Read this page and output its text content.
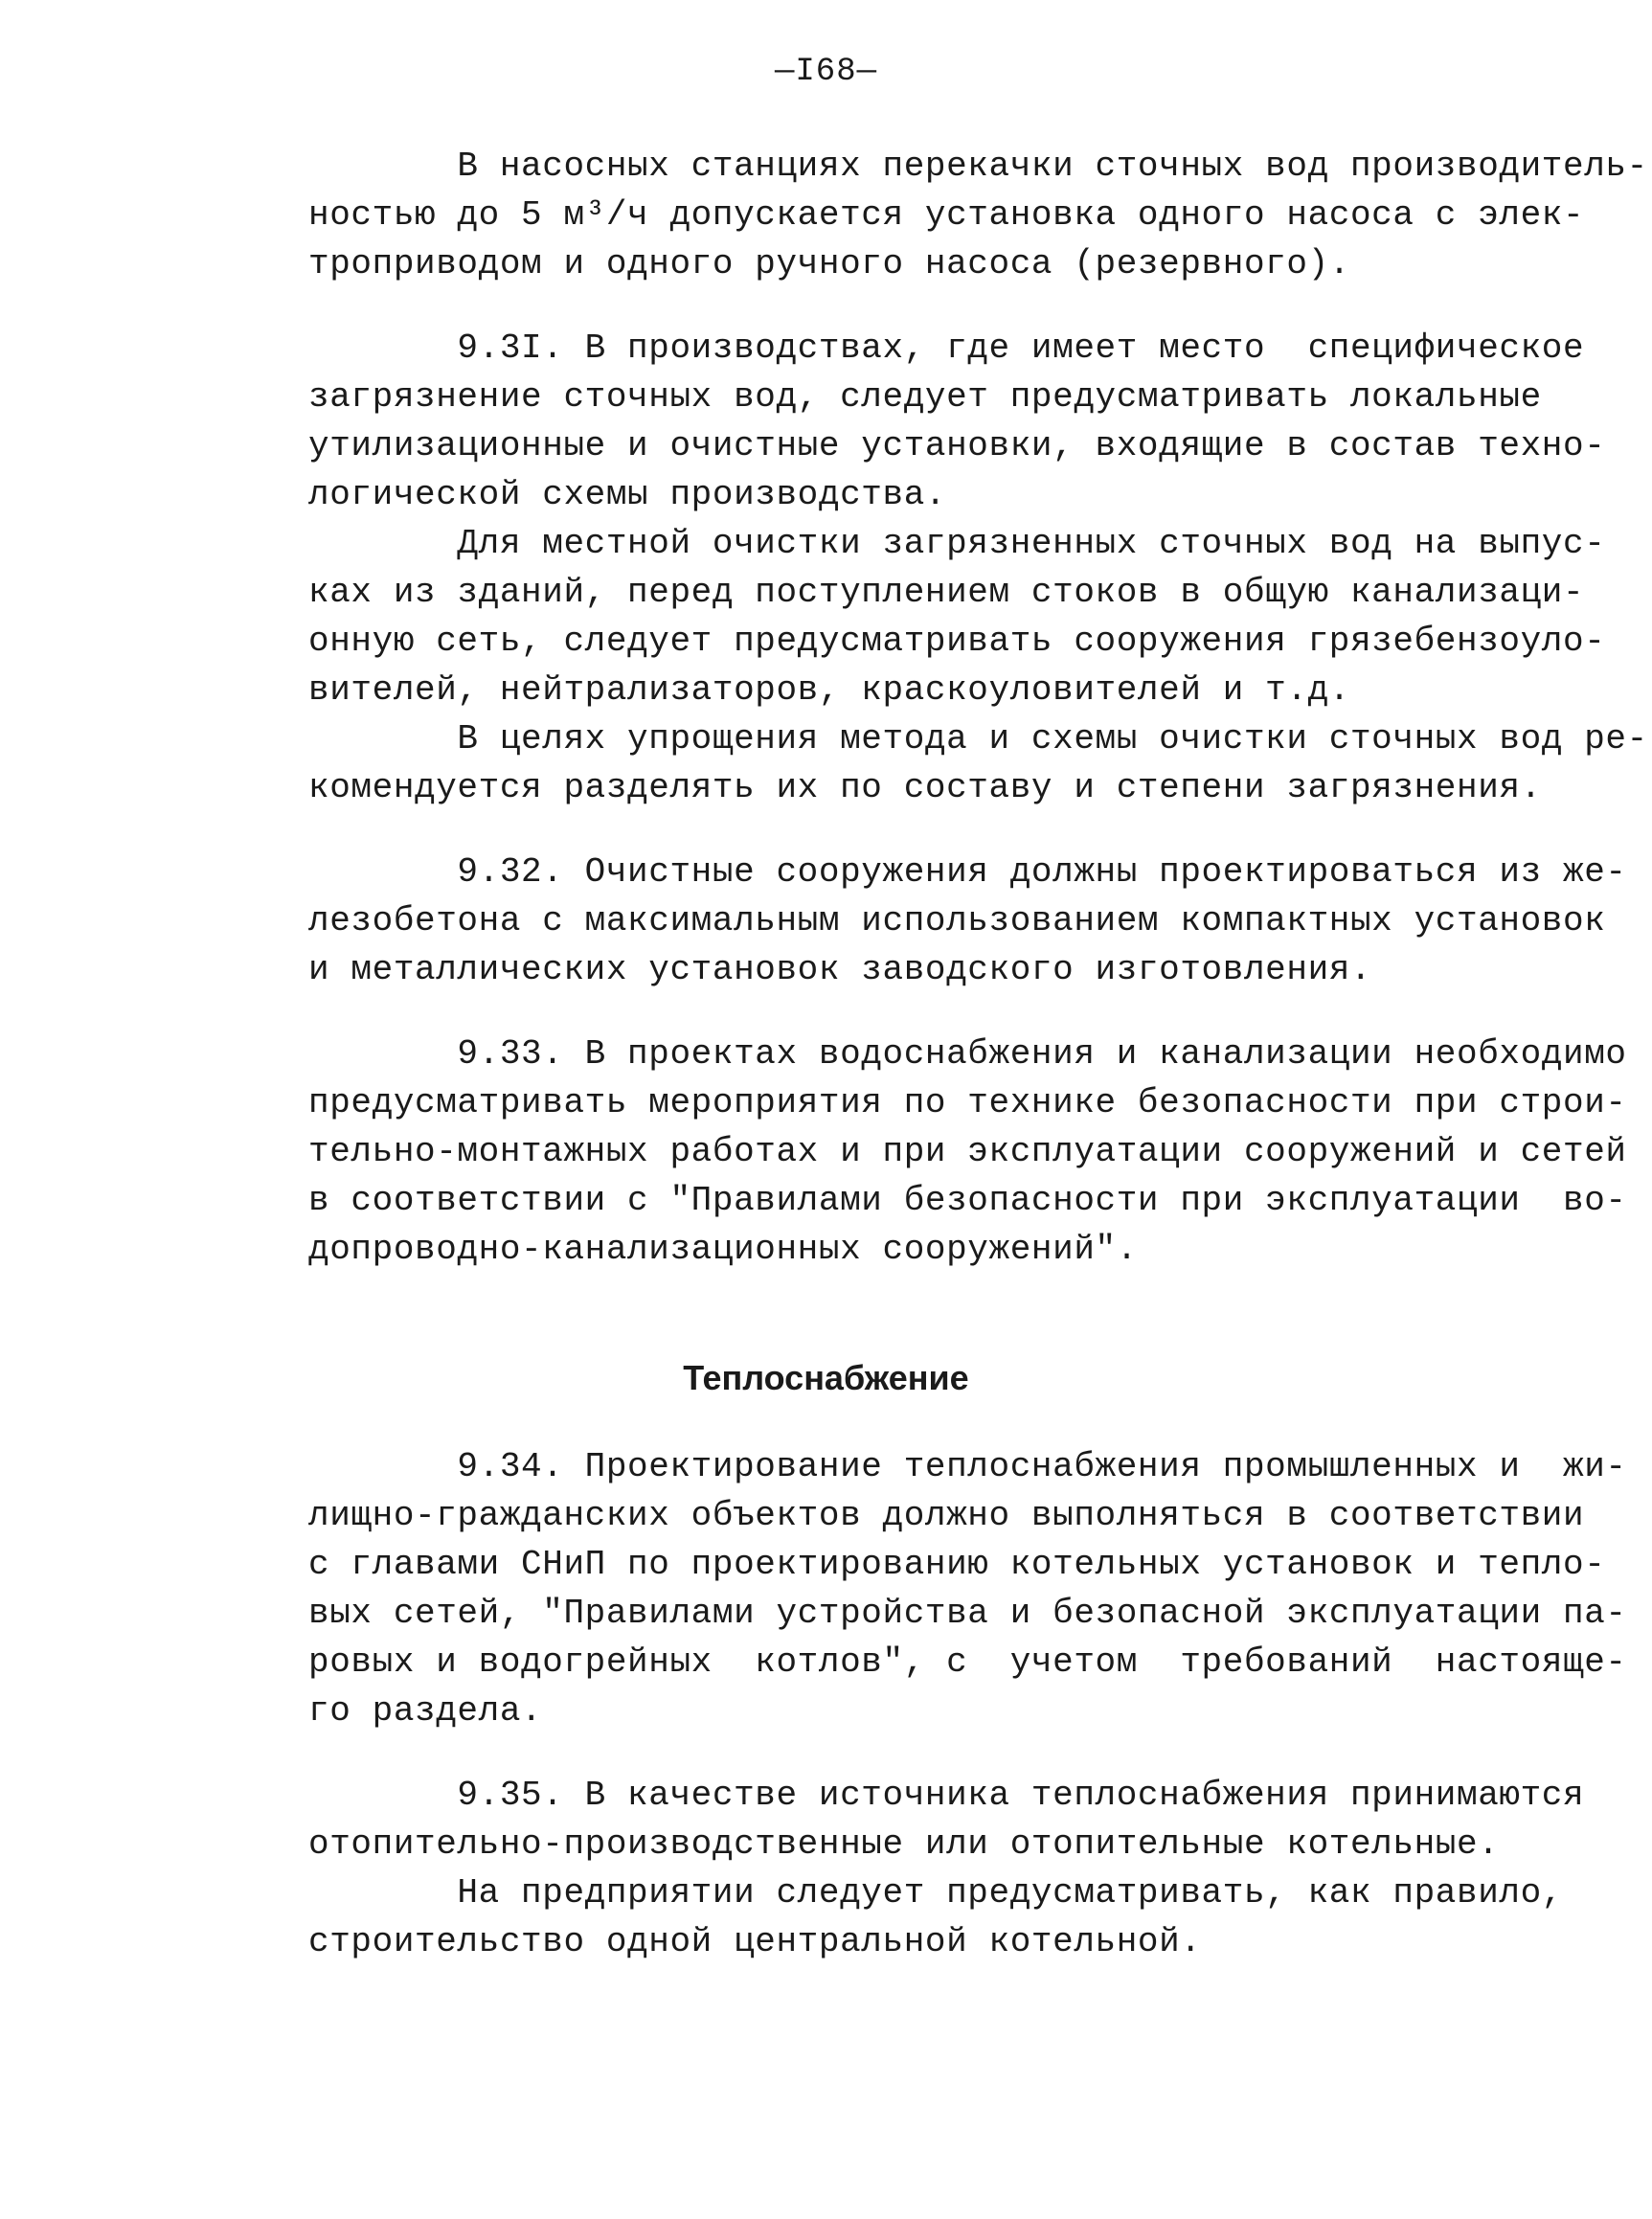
—I68—
В насосных станциях перекачки сточных вод производитель-
ностью до 5 м³/ч допускается установка одного насоса с элек-
троприводом и одного ручного насоса (резервного).
9.3I. В производствах, где имеет место  специфическое
загрязнение сточных вод, следует предусматривать локальные
утилизационные и очистные установки, входящие в состав техно-
логической схемы производства.
Для местной очистки загрязненных сточных вод на выпус-
ках из зданий, перед поступлением стоков в общую канализаци-
онную сеть, следует предусматривать сооружения грязебензоуло-
вителей, нейтрализаторов, краскоуловителей и т.д.
В целях упрощения метода и схемы очистки сточных вод ре-
комендуется разделять их по составу и степени загрязнения.
9.32. Очистные сооружения должны проектироваться из же-
лезобетона с максимальным использованием компактных установок
и металлических установок заводского изготовления.
9.33. В проектах водоснабжения и канализации необходимо
предусматривать мероприятия по технике безопасности при строи-
тельно-монтажных работах и при эксплуатации сооружений и сетей
в соответствии с "Правилами безопасности при эксплуатации  во-
допроводно-канализационных сооружений".
Теплоснабжение
9.34. Проектирование теплоснабжения промышленных и  жи-
лищно-гражданских объектов должно выполняться в соответствии
с главами СНиП по проектированию котельных установок и тепло-
вых сетей, "Правилами устройства и безопасной эксплуатации па-
ровых и водогрейных  котлов", с  учетом  требований  настояще-
го раздела.
9.35. В качестве источника теплоснабжения принимаются
отопительно-производственные или отопительные котельные.
На предприятии следует предусматривать, как правило,
строительство одной центральной котельной.
